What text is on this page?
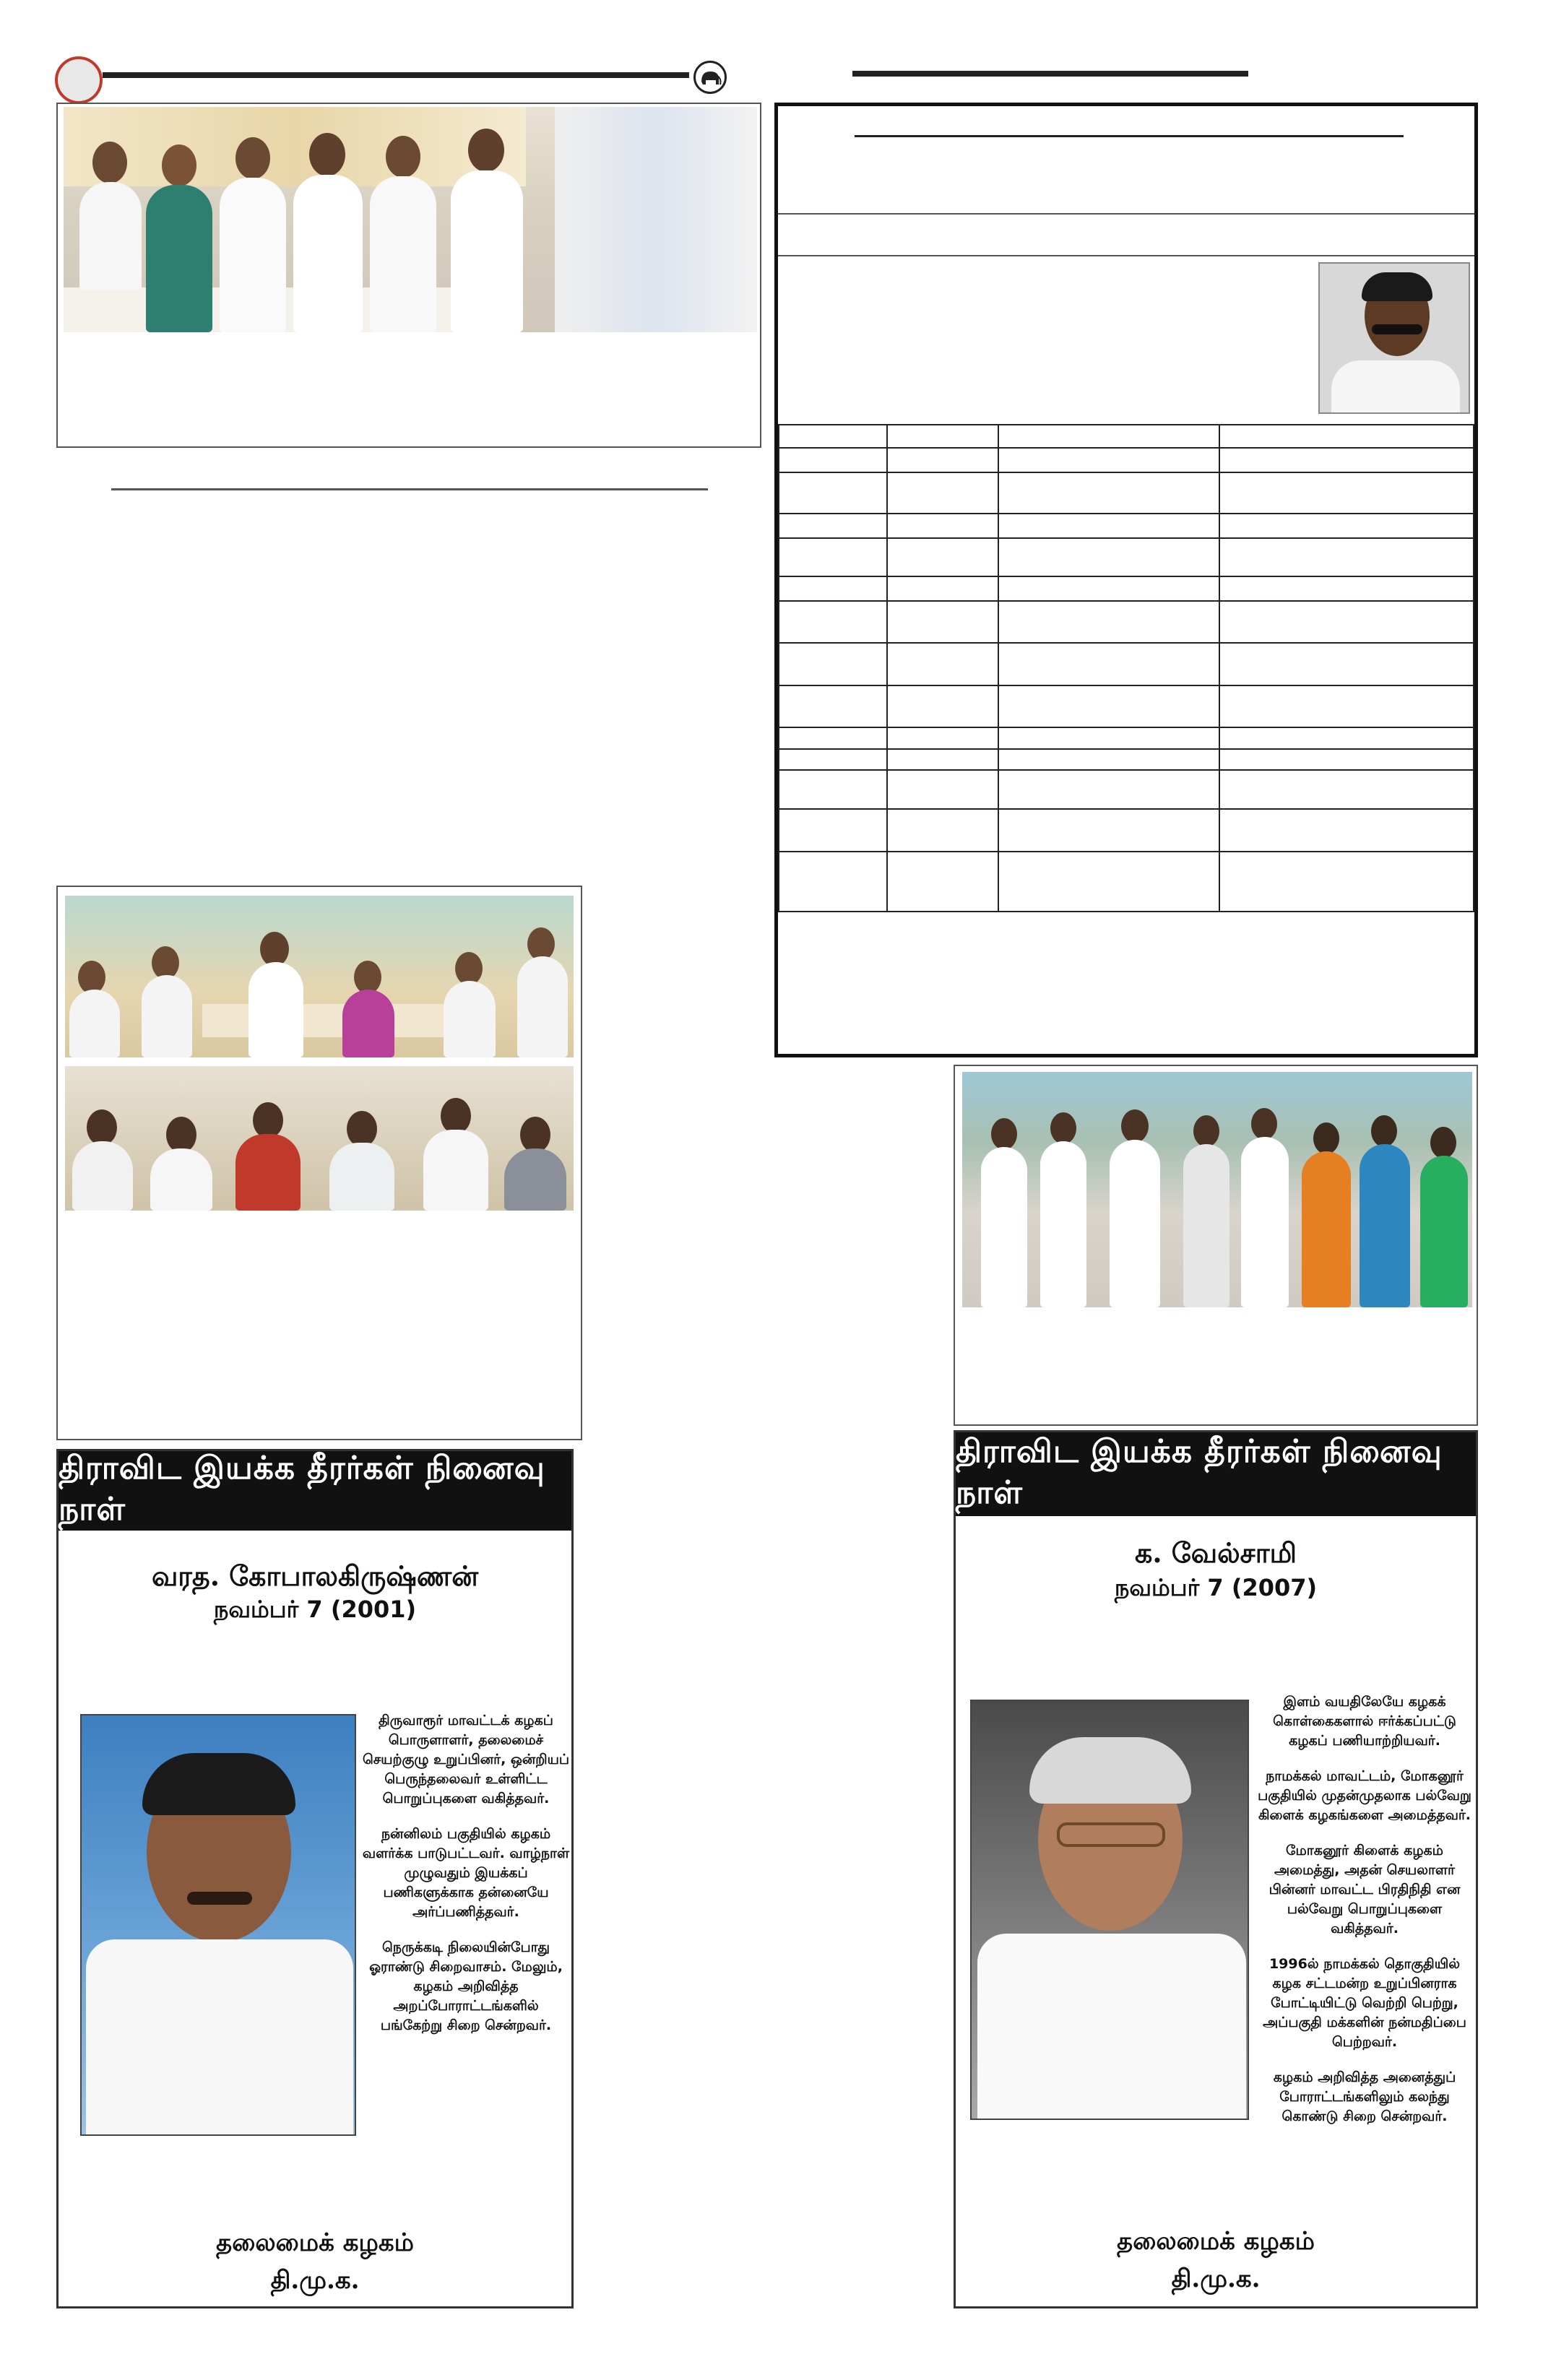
திராவிட இயக்க தீரர்கள் நினைவு நாள்
வரத. கோபாலகிருஷ்ணன்
நவம்பர் 7 (2001)

திருவாரூர் மாவட்டக் கழகப் பொருளாளர், தலைமைச் செயற்குழு உறுப்பினர், ஒன்றியப் பெருந்தலைவர் உள்ளிட்ட பொறுப்புகளை வகித்தவர்.

நன்னிலம் பகுதியில் கழகம் வளர்க்க பாடுபட்டவர். வாழ்நாள் முழுவதும் இயக்கப் பணிகளுக்காக தன்னையே அர்ப்பணித்தவர்.

நெருக்கடி நிலையின்போது ஓராண்டு சிறைவாசம். மேலும், கழகம் அறிவித்த அறப்போராட்டங்களில் பங்கேற்று சிறை சென்றவர்.

தலைமைக் கழகம்
தி.மு.க.
திராவிட இயக்க தீரர்கள் நினைவு நாள்
க. வேல்சாமி
நவம்பர் 7 (2007)

இளம் வயதிலேயே கழகக் கொள்கைகளால் ஈர்க்கப்பட்டு கழகப் பணியாற்றியவர்.

நாமக்கல் மாவட்டம், மோகனூர் பகுதியில் முதன்முதலாக பல்வேறு கிளைக் கழகங்களை அமைத்தவர்.

மோகனூர் கிளைக் கழகம் அமைத்து, அதன் செயலாளர் பின்னர் மாவட்ட பிரதிநிதி என பல்வேறு பொறுப்புகளை வகித்தவர்.

1996ல் நாமக்கல் தொகுதியில் கழக சட்டமன்ற உறுப்பினராக போட்டியிட்டு வெற்றி பெற்று, அப்பகுதி மக்களின் நன்மதிப்பை பெற்றவர்.

கழகம் அறிவித்த அனைத்துப் போராட்டங்களிலும் கலந்து கொண்டு சிறை சென்றவர்.

தலைமைக் கழகம்
தி.மு.க.
